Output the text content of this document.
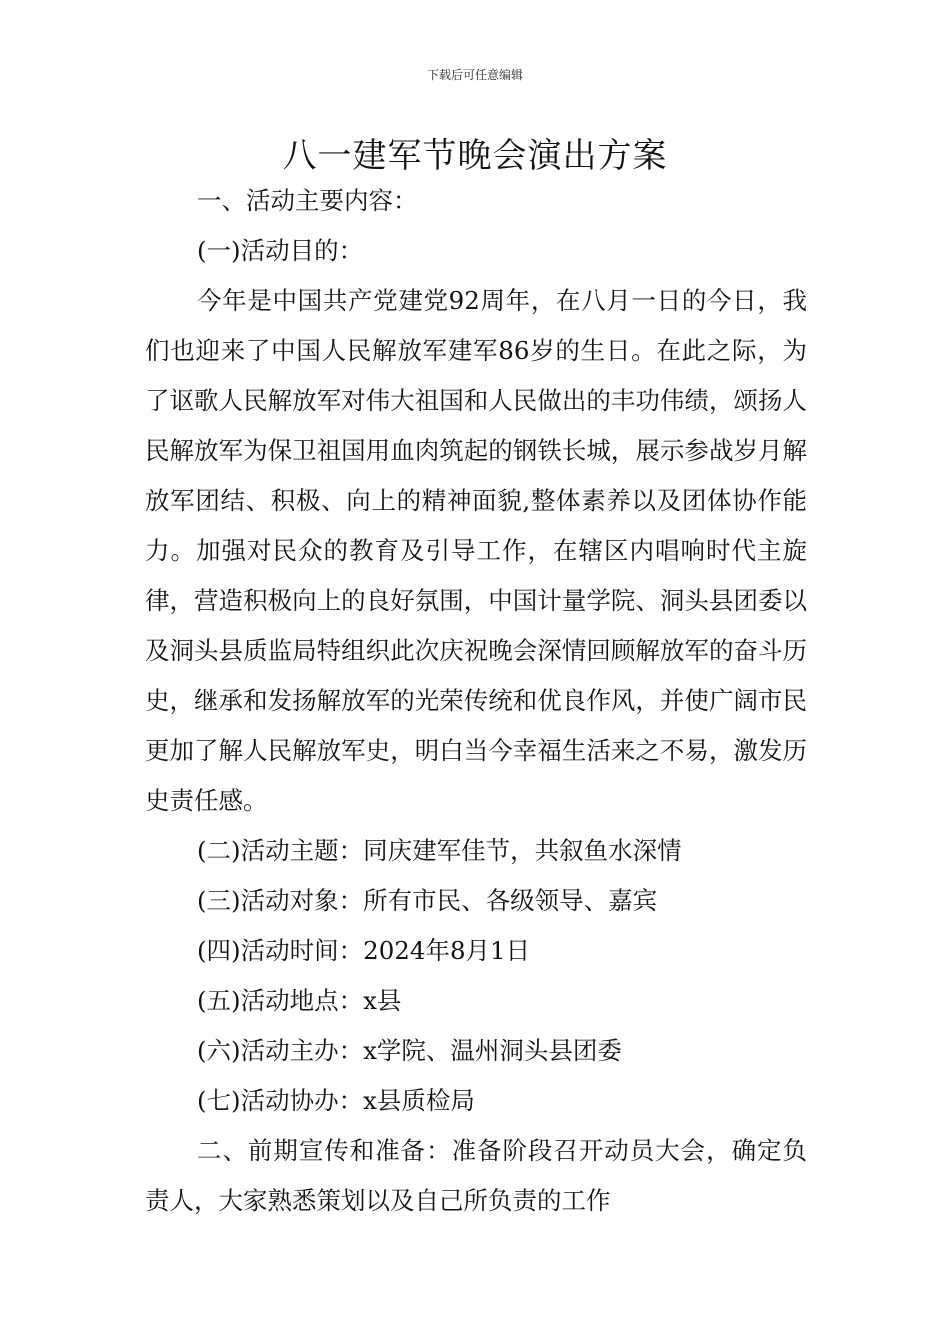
下载后可任意编辑
八一建军节晚会演出方案

一、活动主要内容：

(一)活动目的：

今年是中国共产党建党92周年，在八月一日的今日，我们也迎来了中国人民解放军建军86岁的生日。在此之际，为了讴歌人民解放军对伟大祖国和人民做出的丰功伟绩，颂扬人民解放军为保卫祖国用血肉筑起的钢铁长城，展示参战岁月解放军团结、积极、向上的精神面貌,整体素养以及团体协作能力。加强对民众的教育及引导工作，在辖区内唱响时代主旋律，营造积极向上的良好氛围，中国计量学院、洞头县团委以及洞头县质监局特组织此次庆祝晚会深情回顾解放军的奋斗历史，继承和发扬解放军的光荣传统和优良作风，并使广阔市民更加了解人民解放军史，明白当今幸福生活来之不易，激发历史责任感。

(二)活动主题：同庆建军佳节，共叙鱼水深情

(三)活动对象：所有市民、各级领导、嘉宾

(四)活动时间：2024年8月1日

(五)活动地点：x县

(六)活动主办：x学院、温州洞头县团委

(七)活动协办：x县质检局

二、前期宣传和准备：准备阶段召开动员大会，确定负责人，大家熟悉策划以及自己所负责的工作
